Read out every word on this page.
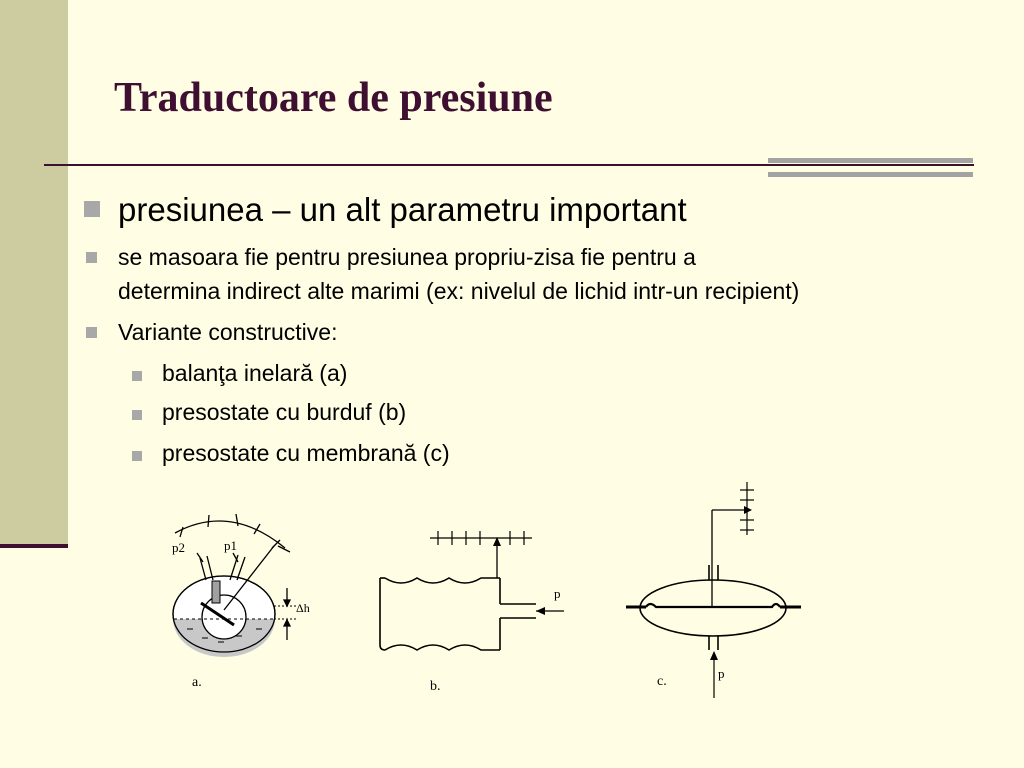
Traductoare de presiune
presiunea – un alt parametru important
se masoara fie pentru presiunea propriu-zisa fie pentru a
determina indirect alte marimi (ex: nivelul de lichid intr-un recipient)
Variante constructive:
balanţa inelară (a)
presostate cu burduf (b)
presostate cu membrană (c)
p2	p1
Δh
a.
p
b.
p
c.
